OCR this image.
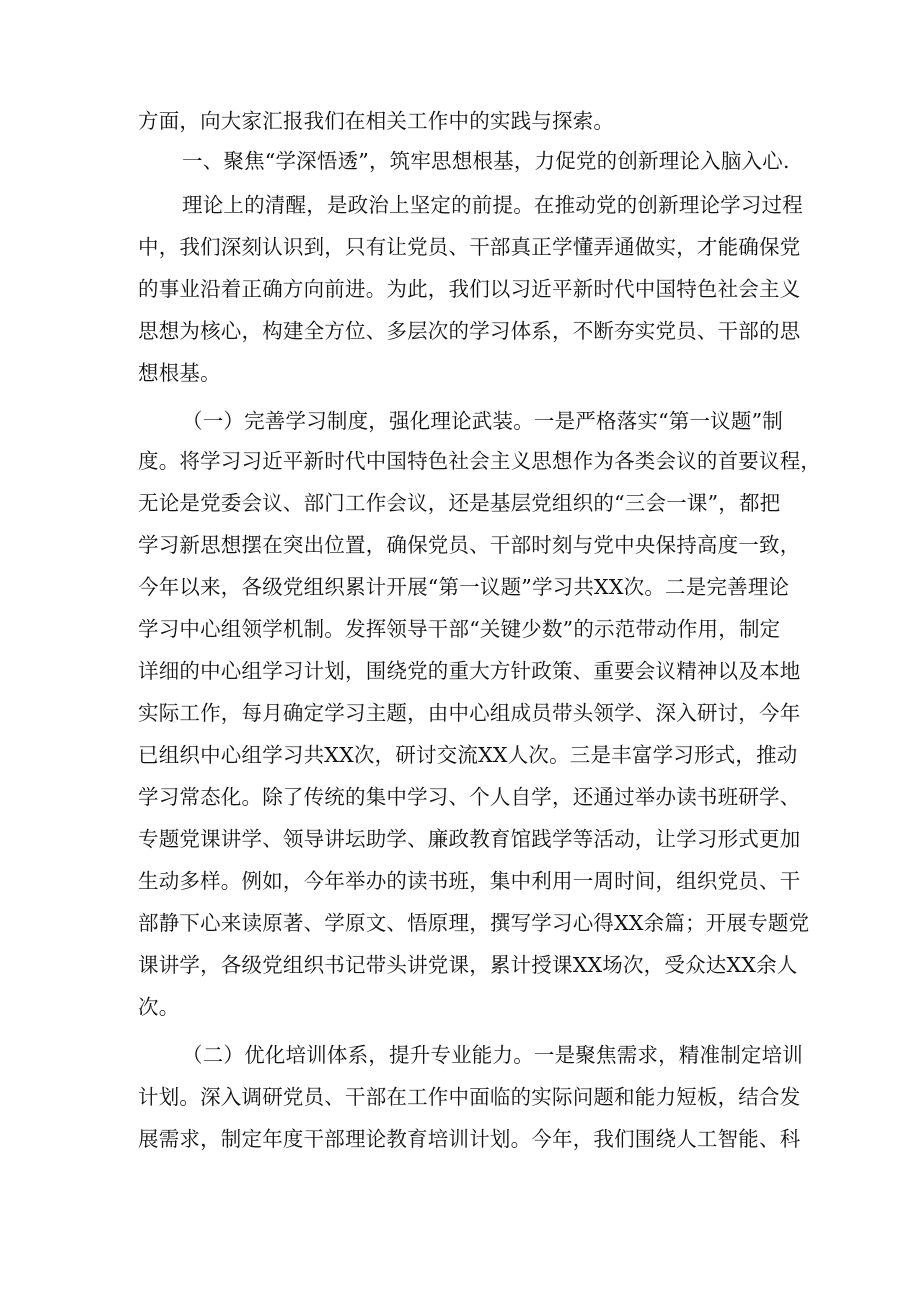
方面，向大家汇报我们在相关工作中的实践与探索。
一、聚焦“学深悟透”，筑牢思想根基，力促党的创新理论入脑入心.
理论上的清醒，是政治上坚定的前提。在推动党的创新理论学习过程
中，我们深刻认识到，只有让党员、干部真正学懂弄通做实，才能确保党
的事业沿着正确方向前进。为此，我们以习近平新时代中国特色社会主义
思想为核心，构建全方位、多层次的学习体系，不断夯实党员、干部的思
想根基。
（一）完善学习制度，强化理论武装。一是严格落实“第一议题”制
度。将学习习近平新时代中国特色社会主义思想作为各类会议的首要议程，
无论是党委会议、部门工作会议，还是基层党组织的“三会一课”，都把
学习新思想摆在突出位置，确保党员、干部时刻与党中央保持高度一致，
今年以来，各级党组织累计开展“第一议题”学习共XX次。二是完善理论
学习中心组领学机制。发挥领导干部“关键少数”的示范带动作用，制定
详细的中心组学习计划，围绕党的重大方针政策、重要会议精神以及本地
实际工作，每月确定学习主题，由中心组成员带头领学、深入研讨，今年
已组织中心组学习共XX次，研讨交流XX人次。三是丰富学习形式，推动
学习常态化。除了传统的集中学习、个人自学，还通过举办读书班研学、
专题党课讲学、领导讲坛助学、廉政教育馆践学等活动，让学习形式更加
生动多样。例如，今年举办的读书班，集中利用一周时间，组织党员、干
部静下心来读原著、学原文、悟原理，撰写学习心得XX余篇；开展专题党
课讲学，各级党组织书记带头讲党课，累计授课XX场次，受众达XX余人
次。
（二）优化培训体系，提升专业能力。一是聚焦需求，精准制定培训
计划。深入调研党员、干部在工作中面临的实际问题和能力短板，结合发
展需求，制定年度干部理论教育培训计划。今年，我们围绕人工智能、科
